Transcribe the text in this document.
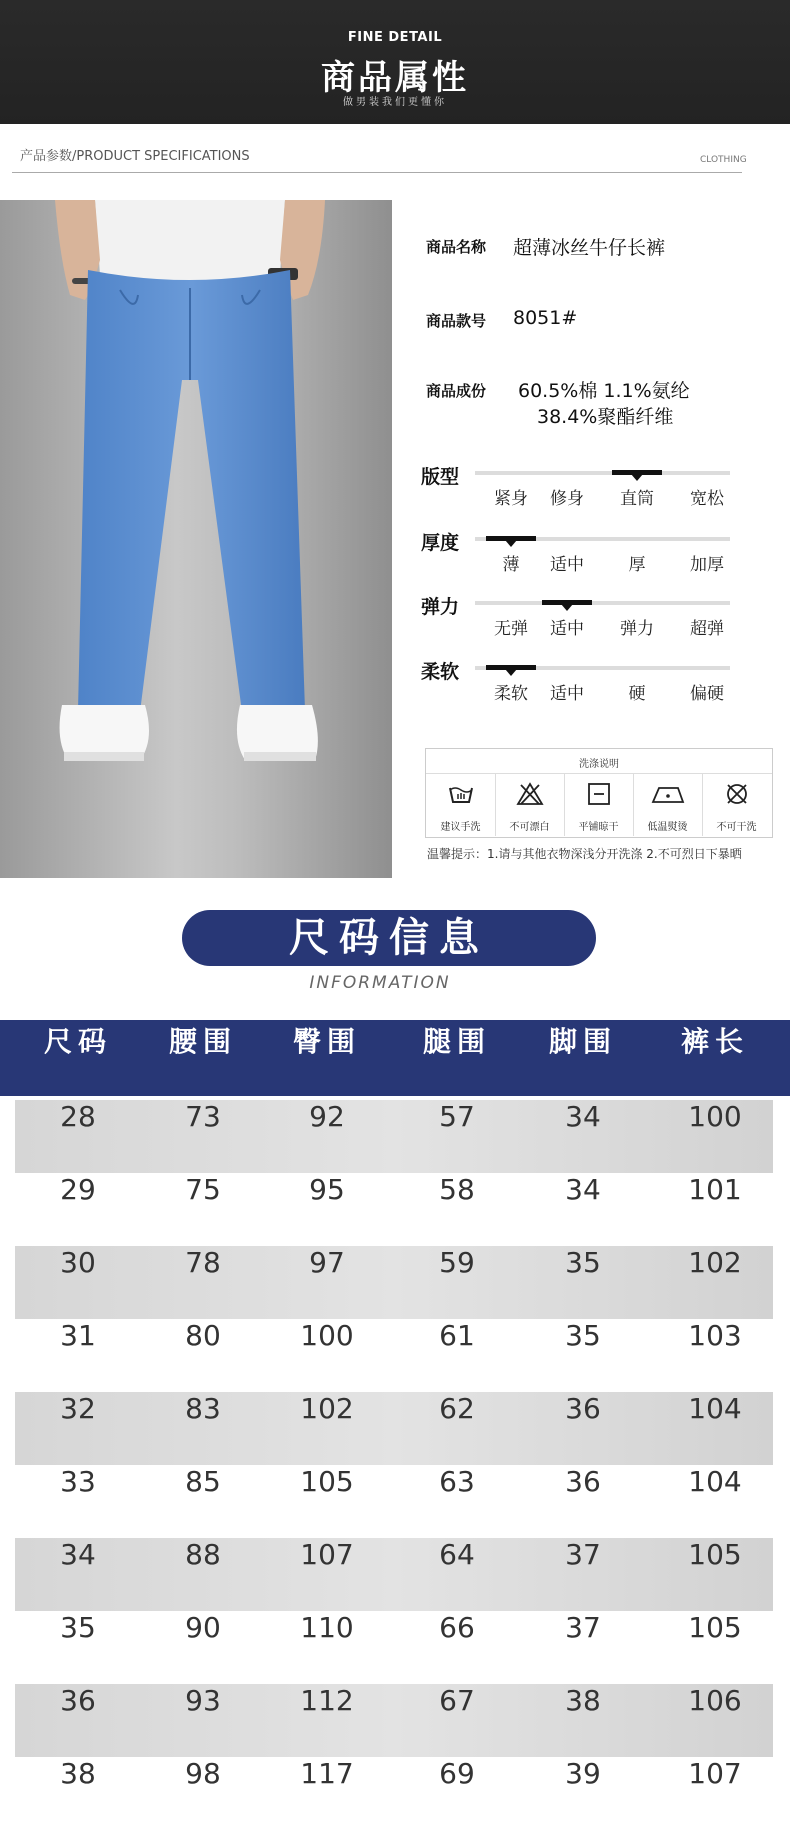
FINE DETAIL
商品属性
做男装我们更懂你
产品参数/PRODUCT SPECIFICATIONS	CLOTHING
商品名称 超薄冰丝牛仔长裤
商品款号 8051#
商品成份 60.5%棉 1.1%氨纶
38.4%聚酯纤维
版型
紧身	修身	直筒	宽松
厚度
薄	适中	厚	加厚
弹力
无弹	适中	弹力	超弹
柔软
柔软	适中	硬	偏硬
洗涤说明
建议手洗	不可漂白	平铺晾干	低温熨烫	不可干洗
温馨提示：1.请与其他衣物深浅分开洗涤 2.不可烈日下暴晒
尺码信息
INFORMATION
尺码	腰围	臀围	腿围	脚围	裤长
28	73	92	57	34	100
29	75	95	58	34	101
30	78	97	59	35	102
31	80	100	61	35	103
32	83	102	62	36	104
33	85	105	63	36	104
34	88	107	64	37	105
35	90	110	66	37	105
36	93	112	67	38	106
38	98	117	69	39	107
